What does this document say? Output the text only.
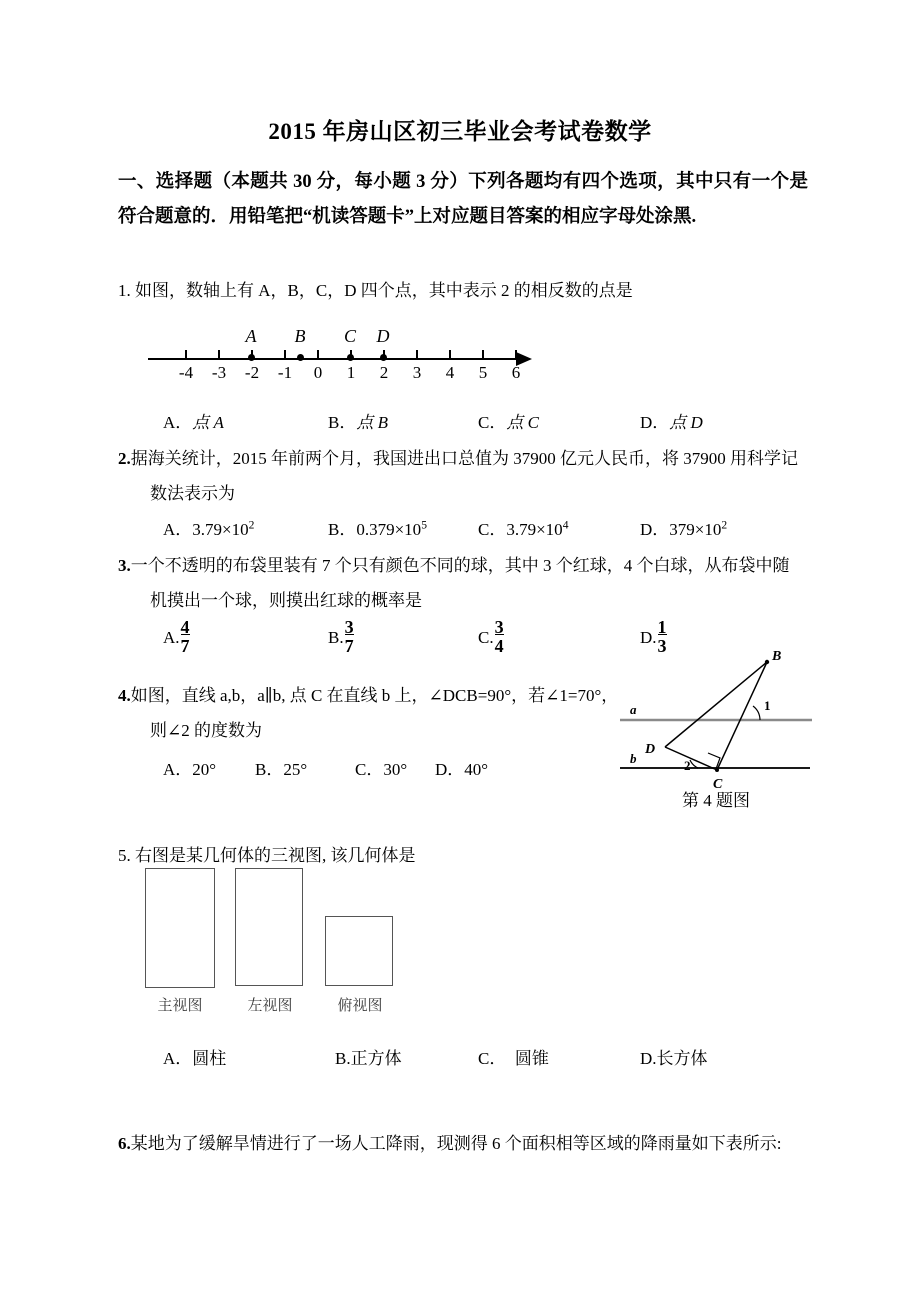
2015 年房山区初三毕业会考试卷数学
一、选择题（本题共 30 分，每小题 3 分）下列各题均有四个选项，其中只有一个是符合题意的．用铅笔把“机读答题卡”上对应题目答案的相应字母处涂黑.
1. 如图，数轴上有 A，B，C，D 四个点，其中表示 2 的相反数的点是
-4	-3	-2	-1	0	1	2	3	4	5	6
A	B	C	D
A．点 A	B．点 B	C．点 C	D．点 D
2.据海关统计，2015 年前两个月，我国进出口总值为 37900 亿元人民币，将 37900 用科学记
数法表示为
A．$3.79\times 10^2$	B．$0.379\times 10^5$	C．$3.79\times 10^4$	D．$379\times 10^2$
3.一个不透明的布袋里装有 7 个只有颜色不同的球，其中 3 个红球，4 个白球，从布袋中随
机摸出一个球，则摸出红球的概率是
$A.\frac{4}{7}$	$B.\frac{3}{7}$	$C.\frac{3}{4}$	$D.\frac{1}{3}$
4.如图，直线 a,b，a∥b, 点 C 在直线 b 上，∠DCB=90°，若∠1=70°，
则∠2 的度数为
A．20° B．25°	C．30° D．40°
B
D
C
a
b
1
2
第 4 题图
5. 右图是某几何体的三视图, 该几何体是
主视图	左视图	俯视图
A．圆柱	B.正方体	C． 圆锥	D.长方体
6.某地为了缓解旱情进行了一场人工降雨，现测得 6 个面积相等区域的降雨量如下表所示:
